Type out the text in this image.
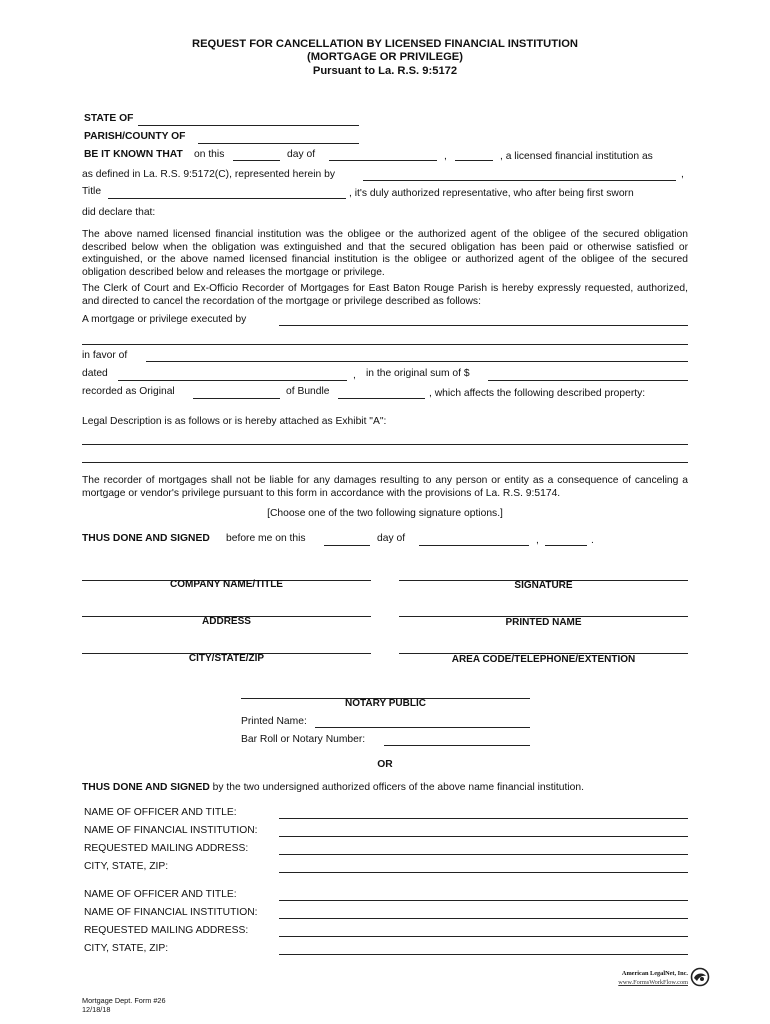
REQUEST FOR CANCELLATION BY LICENSED FINANCIAL INSTITUTION
(MORTGAGE OR PRIVILEGE)
Pursuant to La. R.S. 9:5172
STATE OF
PARISH/COUNTY OF
BE IT KNOWN THAT on this	day of	,	, a licensed financial institution as
as defined in La. R.S. 9:5172(C), represented herein by	,
Title	, it's duly authorized representative, who after being first sworn
did declare that:
The above named licensed financial institution was the obligee or the authorized agent of the obligee of the secured obligation described below when the obligation was extinguished and that the secured obligation has been paid or otherwise satisfied or extinguished, or the above named licensed financial institution is the obligee or authorized agent of the obligee of the secured obligation described below and releases the mortgage or privilege.
The Clerk of Court and Ex-Officio Recorder of Mortgages for East Baton Rouge Parish is hereby expressly requested, authorized, and directed to cancel the recordation of the mortgage or privilege described as follows:
A mortgage or privilege executed by
in favor of
dated	, in the original sum of $
recorded as Original	of Bundle	, which affects the following described property:
Legal Description is as follows or is hereby attached as Exhibit "A":
The recorder of mortgages shall not be liable for any damages resulting to any person or entity as a consequence of canceling a mortgage or vendor's privilege pursuant to this form in accordance with the provisions of La. R.S. 9:5174.
[Choose one of the two following signature options.]
THUS DONE AND SIGNED before me on this	day of	,	.
COMPANY NAME/TITLE	SIGNATURE
ADDRESS	PRINTED NAME
CITY/STATE/ZIP	AREA CODE/TELEPHONE/EXTENTION
NOTARY PUBLIC
Printed Name:
Bar Roll or Notary Number:
OR
THUS DONE AND SIGNED by the two undersigned authorized officers of the above name financial institution.
NAME OF OFFICER AND TITLE:
NAME OF FINANCIAL INSTITUTION:
REQUESTED MAILING ADDRESS:
CITY, STATE, ZIP:
NAME OF OFFICER AND TITLE:
NAME OF FINANCIAL INSTITUTION:
REQUESTED MAILING ADDRESS:
CITY, STATE, ZIP:
American LegalNet, Inc.
www.FormsWorkFlow.com
Mortgage Dept. Form #26
12/18/18
